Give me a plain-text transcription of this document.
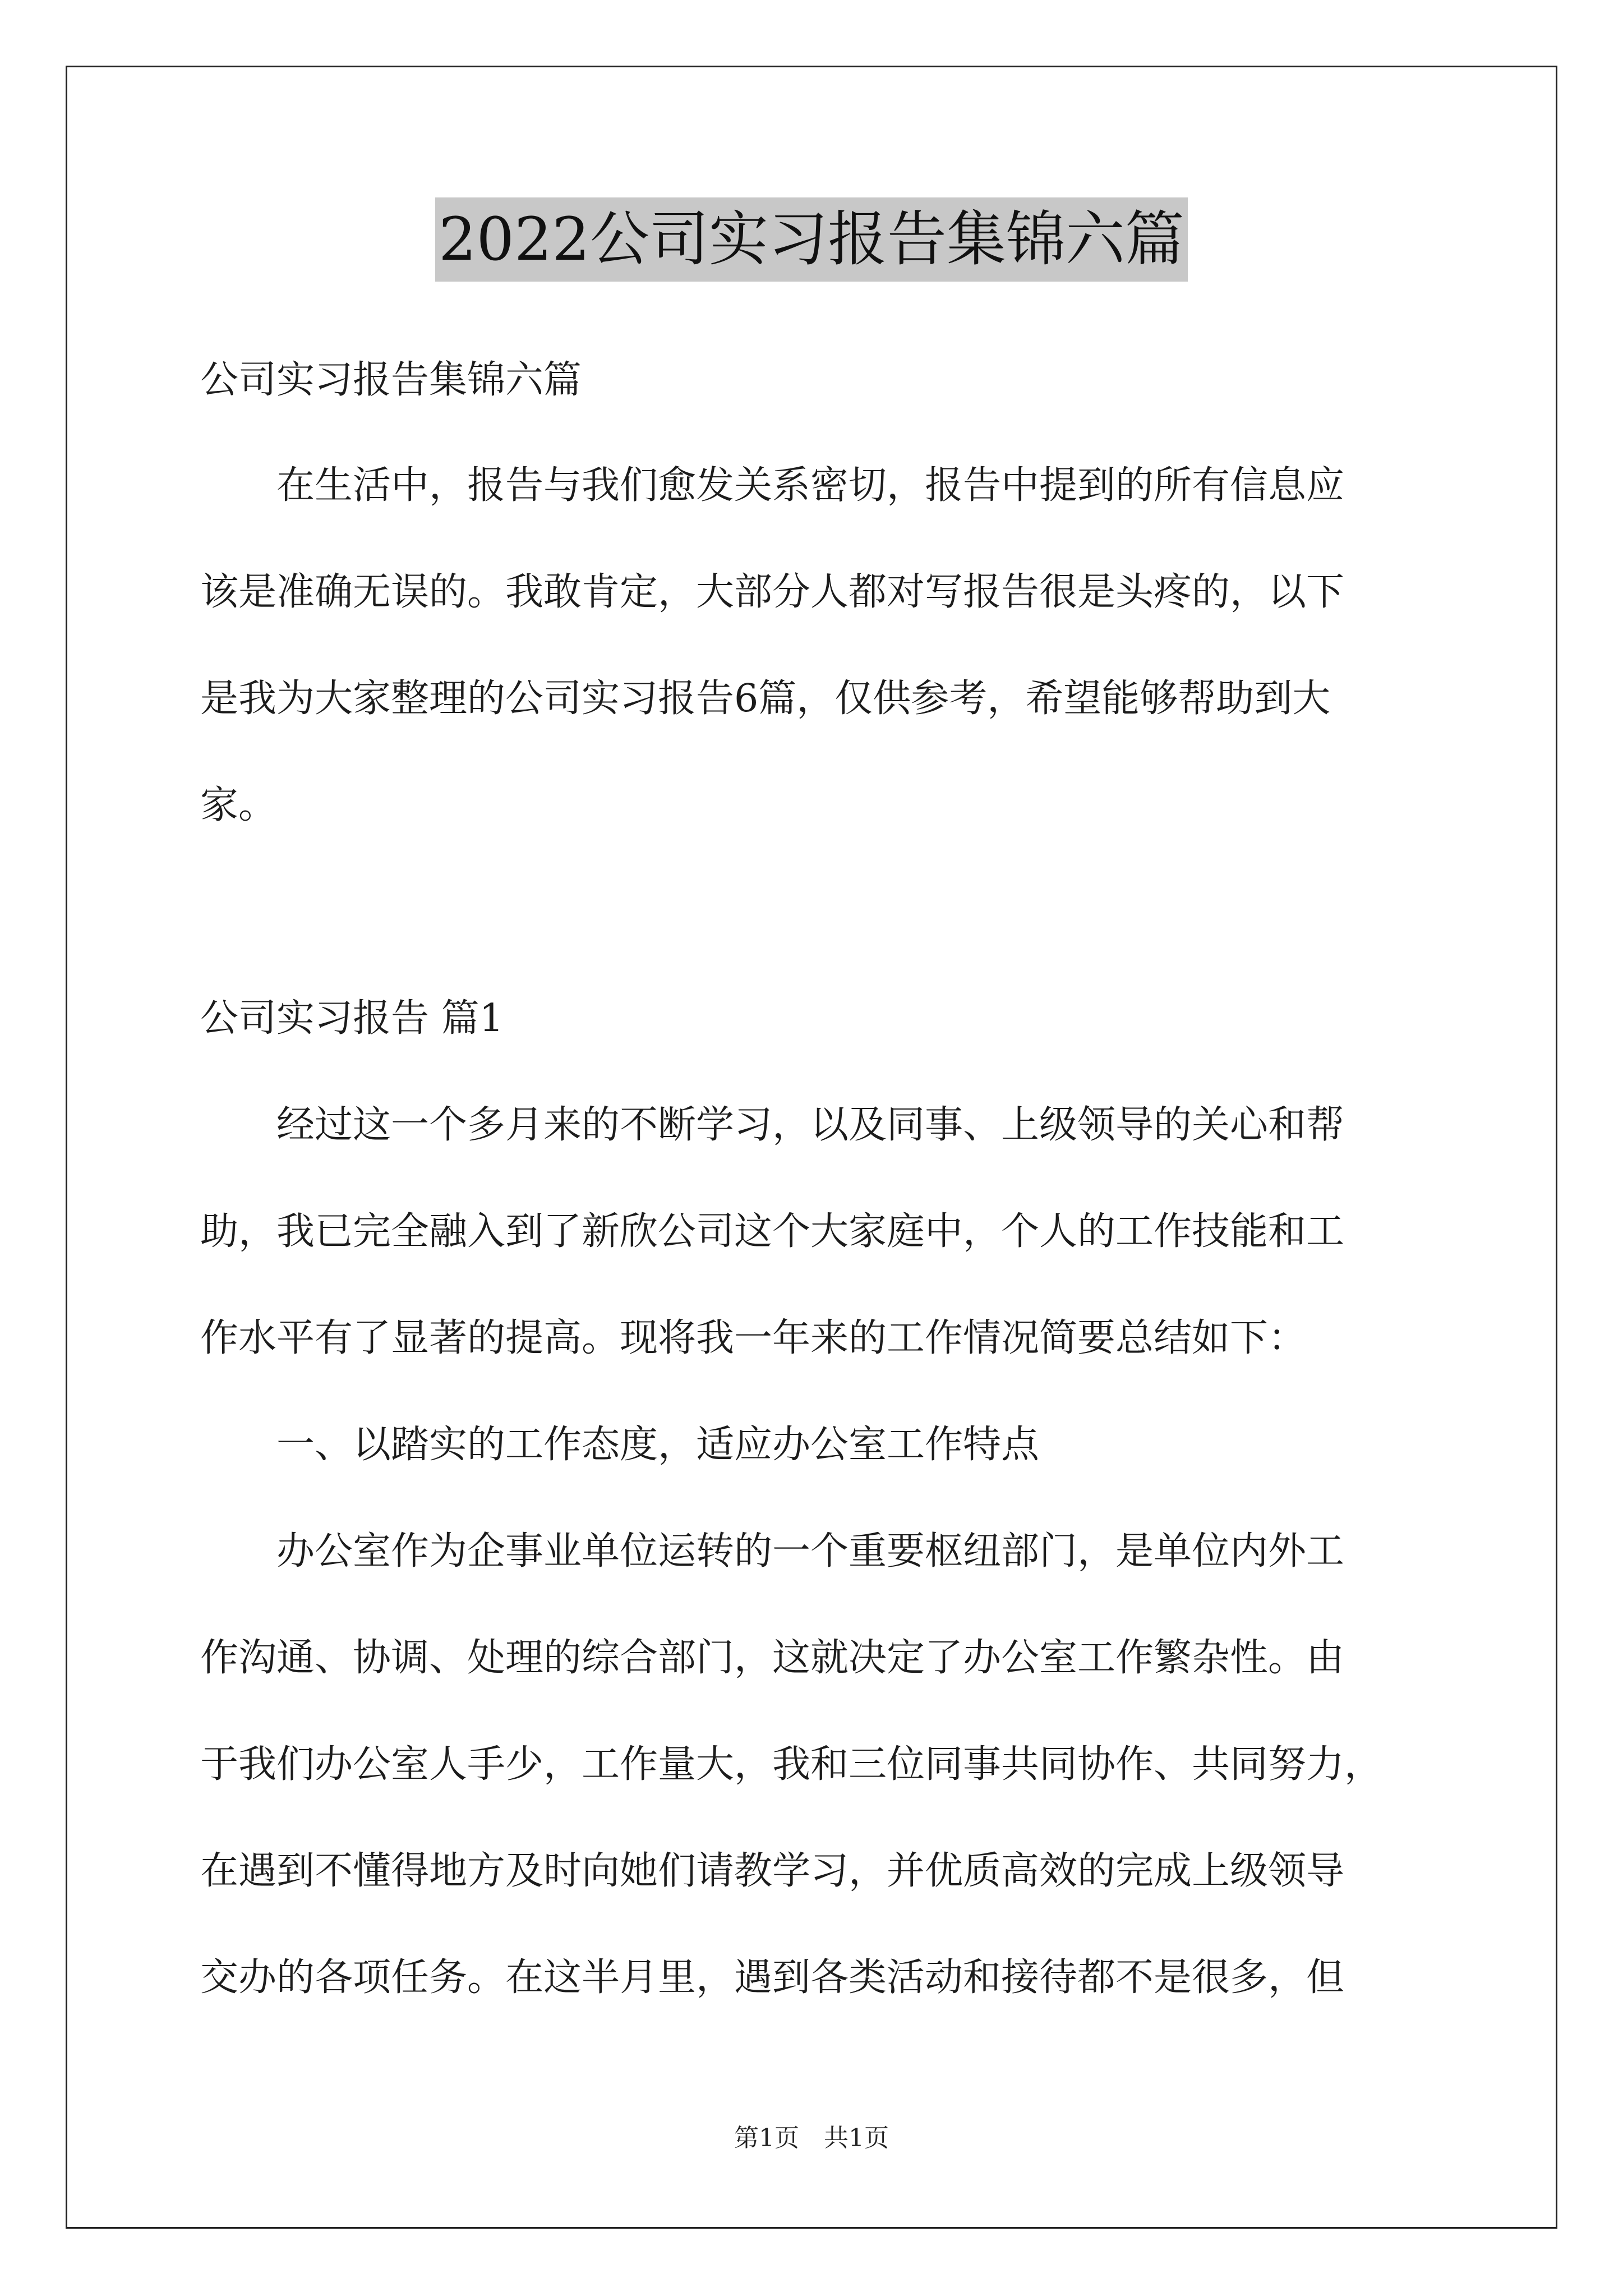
2022公司实习报告集锦六篇
公司实习报告集锦六篇
　　在生活中，报告与我们愈发关系密切，报告中提到的所有信息应
该是准确无误的。我敢肯定，大部分人都对写报告很是头疼的，以下
是我为大家整理的公司实习报告6篇，仅供参考，希望能够帮助到大
家。
公司实习报告 篇1
　　经过这一个多月来的不断学习，以及同事、上级领导的关心和帮
助，我已完全融入到了新欣公司这个大家庭中，个人的工作技能和工
作水平有了显著的提高。现将我一年来的工作情况简要总结如下：
　　一、以踏实的工作态度，适应办公室工作特点
　　办公室作为企事业单位运转的一个重要枢纽部门，是单位内外工
作沟通、协调、处理的综合部门，这就决定了办公室工作繁杂性。由
于我们办公室人手少，工作量大，我和三位同事共同协作、共同努力，
在遇到不懂得地方及时向她们请教学习，并优质高效的完成上级领导
交办的各项任务。在这半月里，遇到各类活动和接待都不是很多，但
第1页　共1页
